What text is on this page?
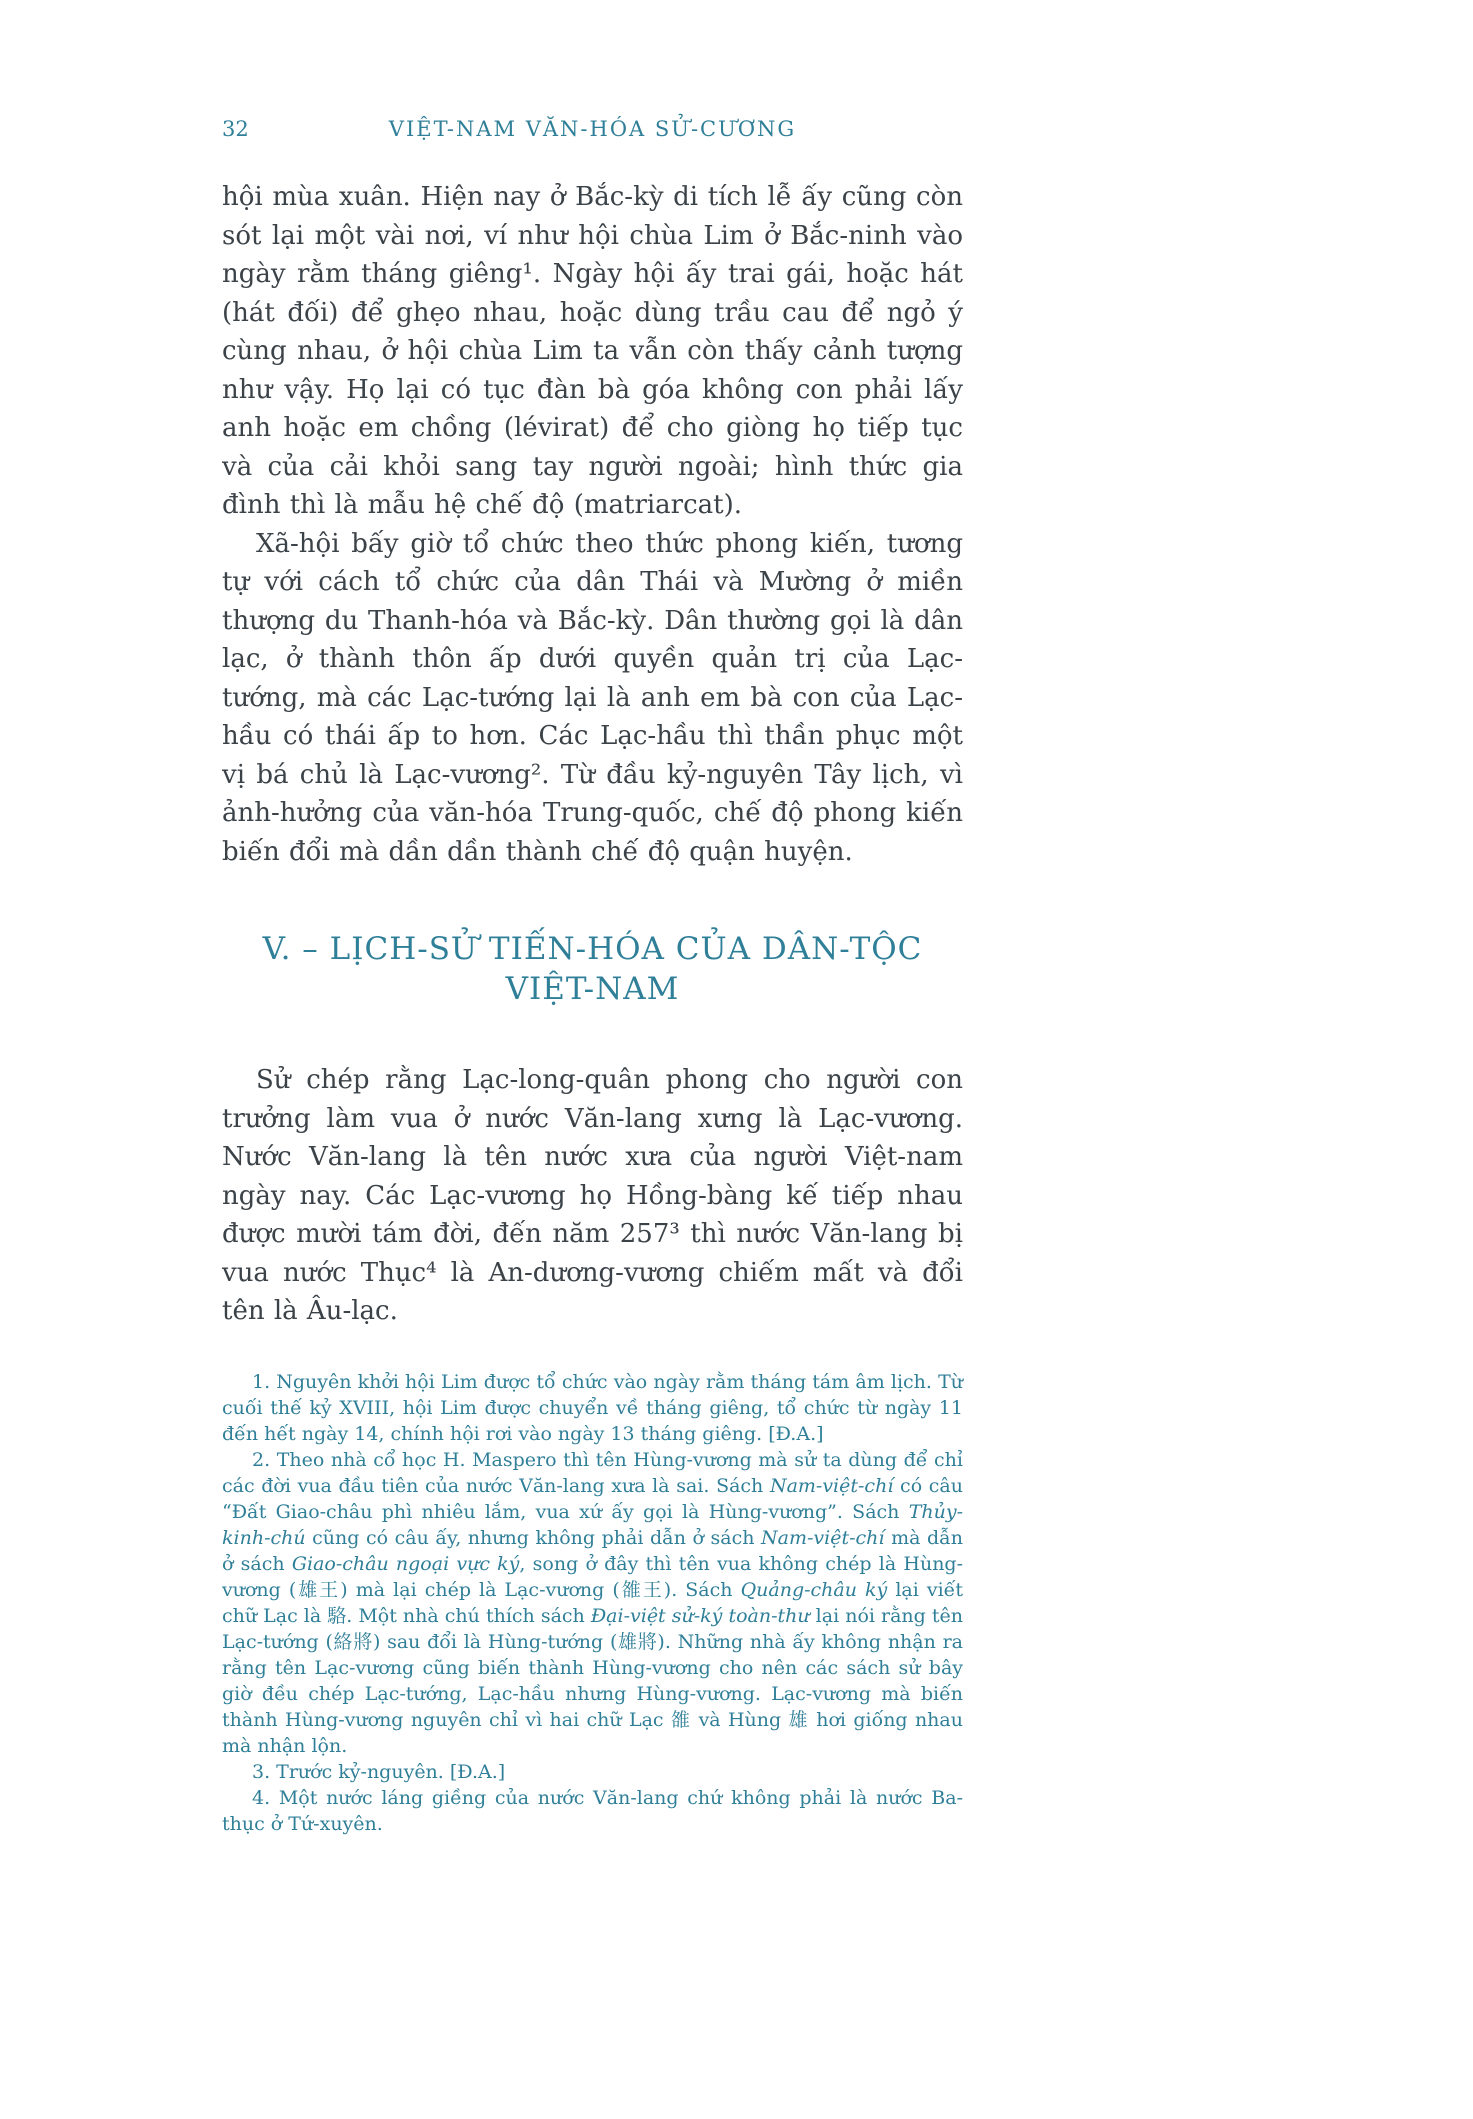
32	VIỆT-NAM VĂN-HÓA SỬ-CƯƠNG

hội mùa xuân. Hiện nay ở Bắc-kỳ di tích lễ ấy cũng còn sót lại một vài nơi, ví như hội chùa Lim ở Bắc-ninh vào ngày rằm tháng giêng¹. Ngày hội ấy trai gái, hoặc hát (hát đối) để ghẹo nhau, hoặc dùng trầu cau để ngỏ ý cùng nhau, ở hội chùa Lim ta vẫn còn thấy cảnh tượng như vậy. Họ lại có tục đàn bà góa không con phải lấy anh hoặc em chồng (lévirat) để cho giòng họ tiếp tục và của cải khỏi sang tay người ngoài; hình thức gia đình thì là mẫu hệ chế độ (matriarcat).

Xã-hội bấy giờ tổ chức theo thức phong kiến, tương tự với cách tổ chức của dân Thái và Mường ở miền thượng du Thanh-hóa và Bắc-kỳ. Dân thường gọi là dân lạc, ở thành thôn ấp dưới quyền quản trị của Lạc-tướng, mà các Lạc-tướng lại là anh em bà con của Lạc-hầu có thái ấp to hơn. Các Lạc-hầu thì thần phục một vị bá chủ là Lạc-vương². Từ đầu kỷ-nguyên Tây lịch, vì ảnh-hưởng của văn-hóa Trung-quốc, chế độ phong kiến biến đổi mà dần dần thành chế độ quận huyện.

V. – LỊCH-SỬ TIẾN-HÓA CỦA DÂN-TỘC VIỆT-NAM

Sử chép rằng Lạc-long-quân phong cho người con trưởng làm vua ở nước Văn-lang xưng là Lạc-vương. Nước Văn-lang là tên nước xưa của người Việt-nam ngày nay. Các Lạc-vương họ Hồng-bàng kế tiếp nhau được mười tám đời, đến năm 257³ thì nước Văn-lang bị vua nước Thục⁴ là An-dương-vương chiếm mất và đổi tên là Âu-lạc.

1. Nguyên khởi hội Lim được tổ chức vào ngày rằm tháng tám âm lịch. Từ cuối thế kỷ XVIII, hội Lim được chuyển về tháng giêng, tổ chức từ ngày 11 đến hết ngày 14, chính hội rơi vào ngày 13 tháng giêng. [Đ.A.]

2. Theo nhà cổ học H. Maspero thì tên Hùng-vương mà sử ta dùng để chỉ các đời vua đầu tiên của nước Văn-lang xưa là sai. Sách Nam-việt-chí có câu “Đất Giao-châu phì nhiêu lắm, vua xứ ấy gọi là Hùng-vương”. Sách Thủy-kinh-chú cũng có câu ấy, nhưng không phải dẫn ở sách Nam-việt-chí mà dẫn ở sách Giao-châu ngoại vực ký, song ở đây thì tên vua không chép là Hùng-vương (雄王) mà lại chép là Lạc-vương (雒王). Sách Quảng-châu ký lại viết chữ Lạc là 駱. Một nhà chú thích sách Đại-việt sử-ký toàn-thư lại nói rằng tên Lạc-tướng (絡將) sau đổi là Hùng-tướng (雄將). Những nhà ấy không nhận ra rằng tên Lạc-vương cũng biến thành Hùng-vương cho nên các sách sử bây giờ đều chép Lạc-tướng, Lạc-hầu nhưng Hùng-vương. Lạc-vương mà biến thành Hùng-vương nguyên chỉ vì hai chữ Lạc 雒 và Hùng 雄 hơi giống nhau mà nhận lộn.

3. Trước kỷ-nguyên. [Đ.A.]

4. Một nước láng giềng của nước Văn-lang chứ không phải là nước Ba-thục ở Tứ-xuyên.
